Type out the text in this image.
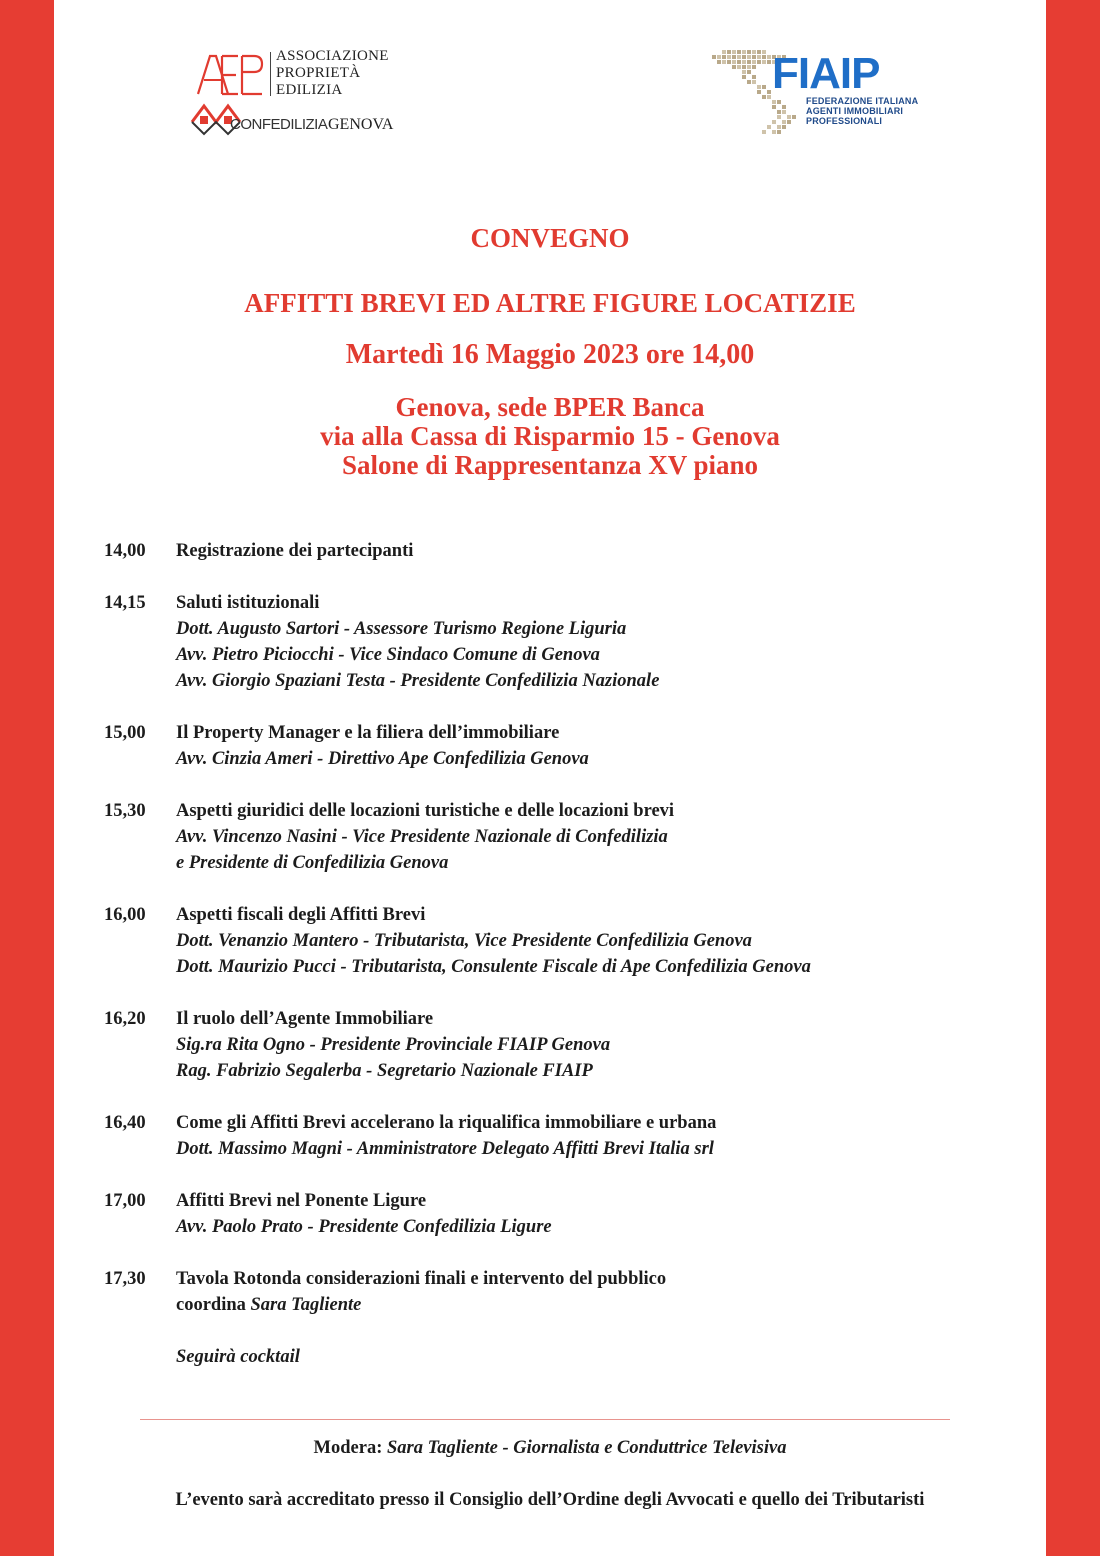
ASSOCIAZIONE
PROPRIETÀ
EDILIZIA
CONFEDILIZIA GENOVA
FIAIP
FEDERAZIONE ITALIANA
AGENTI IMMOBILIARI
PROFESSIONALI
CONVEGNO
AFFITTI BREVI ED ALTRE FIGURE LOCATIZIE
Martedì 16 Maggio 2023 ore 14,00
Genova, sede BPER Banca
via alla Cassa di Risparmio 15 - Genova
Salone di Rappresentanza XV piano
14,00	Registrazione dei partecipanti
14,15	Saluti istituzionali
Dott. Augusto Sartori - Assessore Turismo Regione Liguria
Avv. Pietro Piciocchi - Vice Sindaco Comune di Genova
Avv. Giorgio Spaziani Testa - Presidente Confedilizia Nazionale
15,00	Il Property Manager e la filiera dell’immobiliare
Avv. Cinzia Ameri - Direttivo Ape Confedilizia Genova
15,30	Aspetti giuridici delle locazioni turistiche e delle locazioni brevi
Avv. Vincenzo Nasini - Vice Presidente Nazionale di Confedilizia
e Presidente di Confedilizia Genova
16,00	Aspetti fiscali degli Affitti Brevi
Dott. Venanzio Mantero - Tributarista, Vice Presidente Confedilizia Genova
Dott. Maurizio Pucci - Tributarista, Consulente Fiscale di Ape Confedilizia Genova
16,20	Il ruolo dell’Agente Immobiliare
Sig.ra Rita Ogno - Presidente Provinciale FIAIP Genova
Rag. Fabrizio Segalerba - Segretario Nazionale FIAIP
16,40	Come gli Affitti Brevi accelerano la riqualifica immobiliare e urbana
Dott. Massimo Magni - Amministratore Delegato Affitti Brevi Italia srl
17,00	Affitti Brevi nel Ponente Ligure
Avv. Paolo Prato - Presidente Confedilizia Ligure
17,30	Tavola Rotonda considerazioni finali e intervento del pubblico
coordina Sara Tagliente
Seguirà cocktail
Modera: Sara Tagliente - Giornalista e Conduttrice Televisiva
L’evento sarà accreditato presso il Consiglio dell’Ordine degli Avvocati e quello dei Tributaristi
